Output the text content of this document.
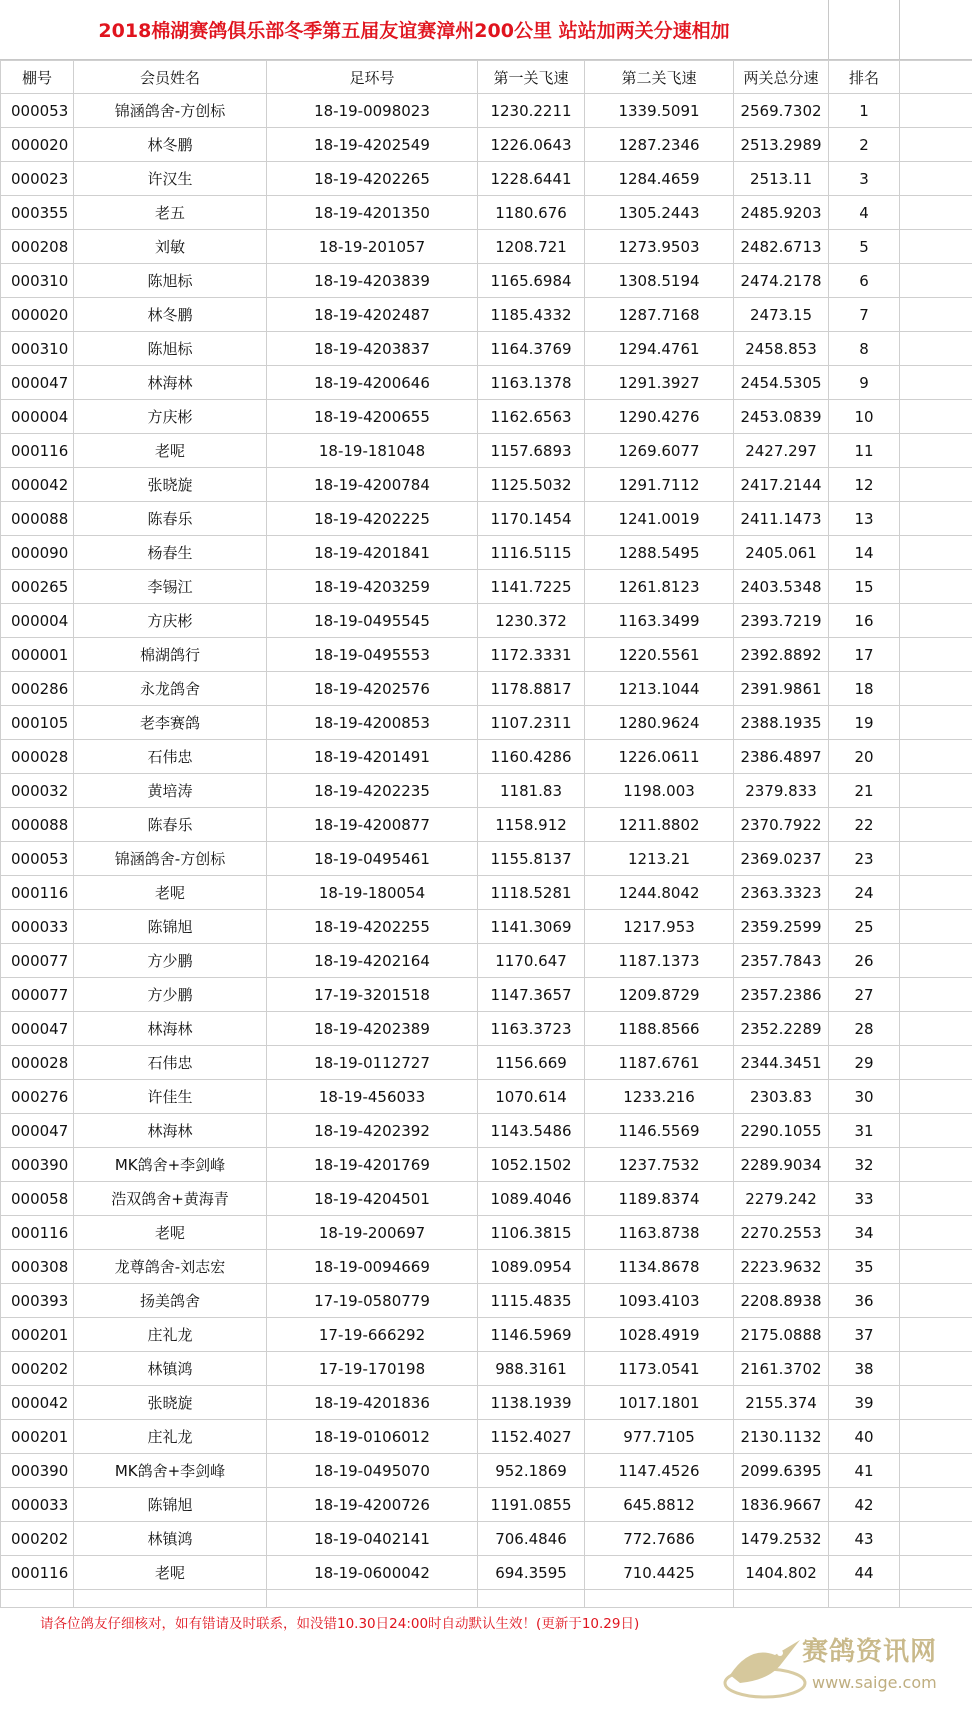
2018棉湖赛鸽俱乐部冬季第五届友谊赛漳州200公里 站站加两关分速相加
棚号	会员姓名	足环号	第一关飞速	第二关飞速	两关总分速	排名	
000053	锦涵鸽舍-方创标	18-19-0098023	1230.2211	1339.5091	2569.7302	1	
000020	林冬鹏	18-19-4202549	1226.0643	1287.2346	2513.2989	2	
000023	许汉生	18-19-4202265	1228.6441	1284.4659	2513.11	3	
000355	老五	18-19-4201350	1180.676	1305.2443	2485.9203	4	
000208	刘敏	18-19-201057	1208.721	1273.9503	2482.6713	5	
000310	陈旭标	18-19-4203839	1165.6984	1308.5194	2474.2178	6	
000020	林冬鹏	18-19-4202487	1185.4332	1287.7168	2473.15	7	
000310	陈旭标	18-19-4203837	1164.3769	1294.4761	2458.853	8	
000047	林海林	18-19-4200646	1163.1378	1291.3927	2454.5305	9	
000004	方庆彬	18-19-4200655	1162.6563	1290.4276	2453.0839	10	
000116	老呢	18-19-181048	1157.6893	1269.6077	2427.297	11	
000042	张晓旋	18-19-4200784	1125.5032	1291.7112	2417.2144	12	
000088	陈春乐	18-19-4202225	1170.1454	1241.0019	2411.1473	13	
000090	杨春生	18-19-4201841	1116.5115	1288.5495	2405.061	14	
000265	李锡江	18-19-4203259	1141.7225	1261.8123	2403.5348	15	
000004	方庆彬	18-19-0495545	1230.372	1163.3499	2393.7219	16	
000001	棉湖鸽行	18-19-0495553	1172.3331	1220.5561	2392.8892	17	
000286	永龙鸽舍	18-19-4202576	1178.8817	1213.1044	2391.9861	18	
000105	老李赛鸽	18-19-4200853	1107.2311	1280.9624	2388.1935	19	
000028	石伟忠	18-19-4201491	1160.4286	1226.0611	2386.4897	20	
000032	黄培涛	18-19-4202235	1181.83	1198.003	2379.833	21	
000088	陈春乐	18-19-4200877	1158.912	1211.8802	2370.7922	22	
000053	锦涵鸽舍-方创标	18-19-0495461	1155.8137	1213.21	2369.0237	23	
000116	老呢	18-19-180054	1118.5281	1244.8042	2363.3323	24	
000033	陈锦旭	18-19-4202255	1141.3069	1217.953	2359.2599	25	
000077	方少鹏	18-19-4202164	1170.647	1187.1373	2357.7843	26	
000077	方少鹏	17-19-3201518	1147.3657	1209.8729	2357.2386	27	
000047	林海林	18-19-4202389	1163.3723	1188.8566	2352.2289	28	
000028	石伟忠	18-19-0112727	1156.669	1187.6761	2344.3451	29	
000276	许佳生	18-19-456033	1070.614	1233.216	2303.83	30	
000047	林海林	18-19-4202392	1143.5486	1146.5569	2290.1055	31	
000390	MK鸽舍+李剑峰	18-19-4201769	1052.1502	1237.7532	2289.9034	32	
000058	浩双鸽舍+黄海青	18-19-4204501	1089.4046	1189.8374	2279.242	33	
000116	老呢	18-19-200697	1106.3815	1163.8738	2270.2553	34	
000308	龙尊鸽舍-刘志宏	18-19-0094669	1089.0954	1134.8678	2223.9632	35	
000393	扬美鸽舍	17-19-0580779	1115.4835	1093.4103	2208.8938	36	
000201	庄礼龙	17-19-666292	1146.5969	1028.4919	2175.0888	37	
000202	林镇鸿	17-19-170198	988.3161	1173.0541	2161.3702	38	
000042	张晓旋	18-19-4201836	1138.1939	1017.1801	2155.374	39	
000201	庄礼龙	18-19-0106012	1152.4027	977.7105	2130.1132	40	
000390	MK鸽舍+李剑峰	18-19-0495070	952.1869	1147.4526	2099.6395	41	
000033	陈锦旭	18-19-4200726	1191.0855	645.8812	1836.9667	42	
000202	林镇鸿	18-19-0402141	706.4846	772.7686	1479.2532	43	
000116	老呢	18-19-0600042	694.3595	710.4425	1404.802	44	

请各位鸽友仔细核对，如有错请及时联系，如没错10.30日24:00时自动默认生效！(更新于10.29日)
赛鸽资讯网
www.saige.com
